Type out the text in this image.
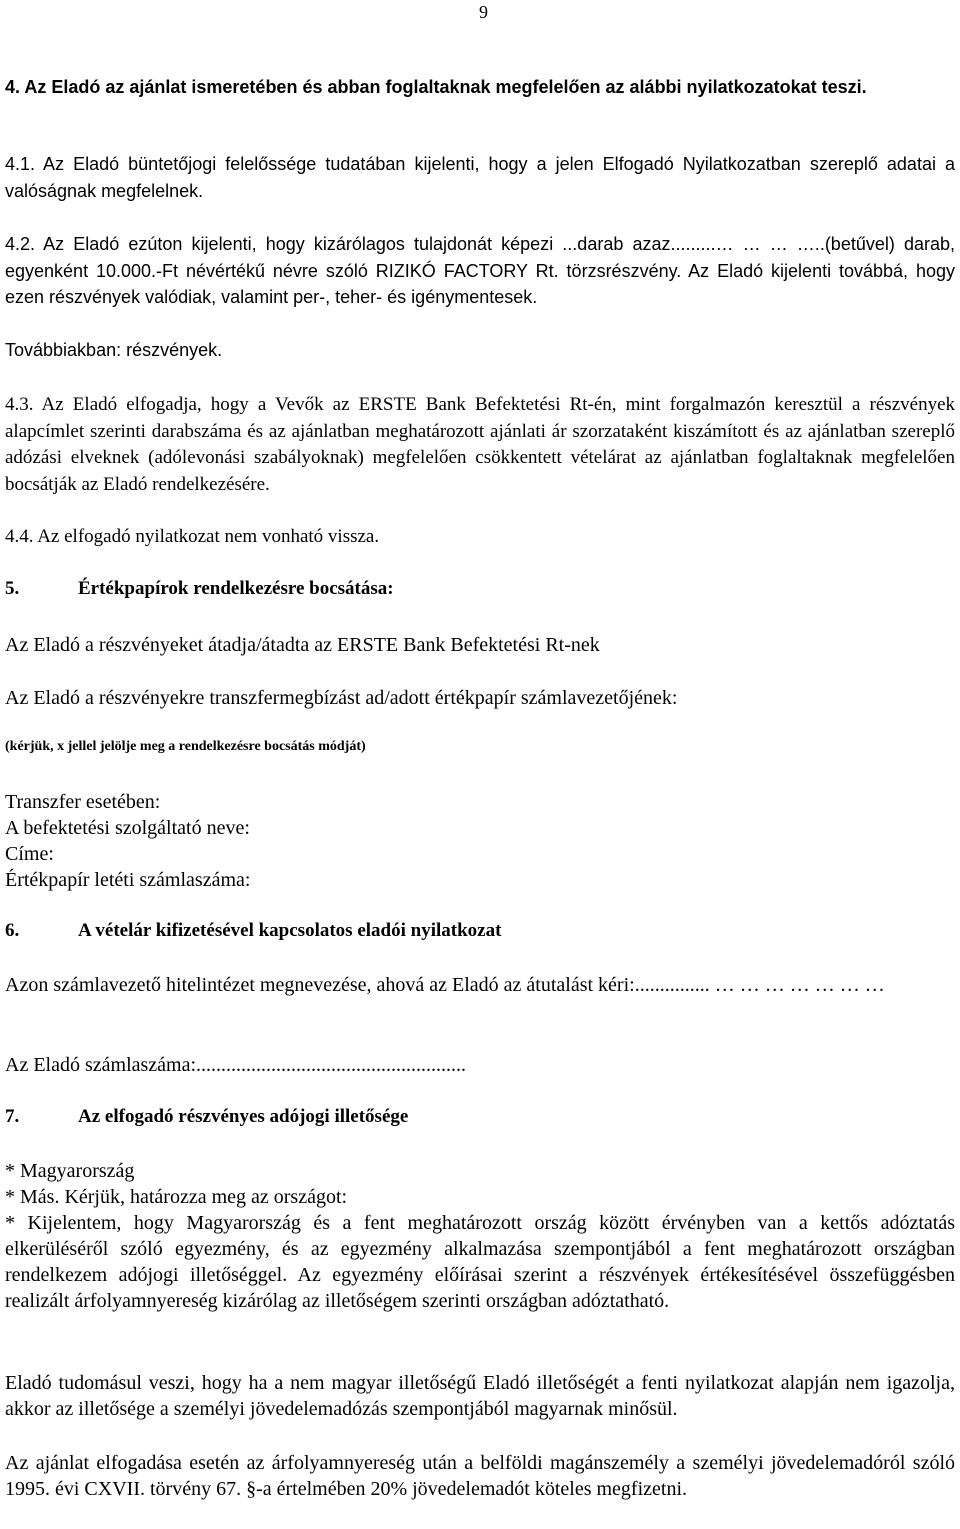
9

4. Az Eladó az ajánlat ismeretében és abban foglaltaknak megfelelően az alábbi nyilatkozatokat teszi.

4.1. Az Eladó büntetőjogi felelőssége tudatában kijelenti, hogy a jelen Elfogadó Nyilatkozatban szereplő adatai a valóságnak megfelelnek.

4.2. Az Eladó ezúton kijelenti, hogy kizárólagos tulajdonát képezi ...darab azaz.........… … … …..(betűvel) darab, egyenként 10.000.-Ft névértékű névre szóló RIZIKÓ FACTORY Rt. törzsrészvény. Az Eladó kijelenti továbbá, hogy ezen részvények valódiak, valamint per-, teher- és igénymentesek.

Továbbiakban: részvények.

4.3. Az Eladó elfogadja, hogy a Vevők az ERSTE Bank Befektetési Rt-én, mint forgalmazón keresztül a részvények alapcímlet szerinti darabszáma és az ajánlatban meghatározott ajánlati ár szorzataként kiszámított és az ajánlatban szereplő adózási elveknek (adólevonási szabályoknak) megfelelően csökkentett vételárat az ajánlatban foglaltaknak megfelelően bocsátják az Eladó rendelkezésére.

4.4. Az elfogadó nyilatkozat nem vonható vissza.

5.	Értékpapírok rendelkezésre bocsátása:

Az Eladó a részvényeket átadja/átadta az ERSTE Bank Befektetési Rt-nek

Az Eladó a részvényekre transzfermegbízást ad/adott értékpapír számlavezetőjének:

(kérjük, x jellel jelölje meg a rendelkezésre bocsátás módját)

Transzfer esetében:

A befektetési szolgáltató neve:

Címe:

Értékpapír letéti számlaszáma:

6.	A vételár kifizetésével kapcsolatos eladói nyilatkozat

Azon számlavezető hitelintézet megnevezése, ahová az Eladó az átutalást kéri:............... … … … … … … …

Az Eladó számlaszáma:......................................................

7.	Az elfogadó részvényes adójogi illetősége

* Magyarország

* Más. Kérjük, határozza meg az országot:

* Kijelentem, hogy Magyarország és a fent meghatározott ország között érvényben van a kettős adóztatás elkerüléséről szóló egyezmény, és az egyezmény alkalmazása szempontjából a fent meghatározott országban rendelkezem adójogi illetőséggel. Az egyezmény előírásai szerint a részvények értékesítésével összefüggésben realizált árfolyamnyereség kizárólag az illetőségem szerinti országban adóztatható.

Eladó tudomásul veszi, hogy ha a nem magyar illetőségű Eladó illetőségét a fenti nyilatkozat alapján nem igazolja, akkor az illetősége a személyi jövedelemadózás szempontjából magyarnak minősül.

Az ajánlat elfogadása esetén az árfolyamnyereség után a belföldi magánszemély a személyi jövedelemadóról szóló 1995. évi CXVII. törvény 67. §-a értelmében 20% jövedelemadót köteles megfizetni.
